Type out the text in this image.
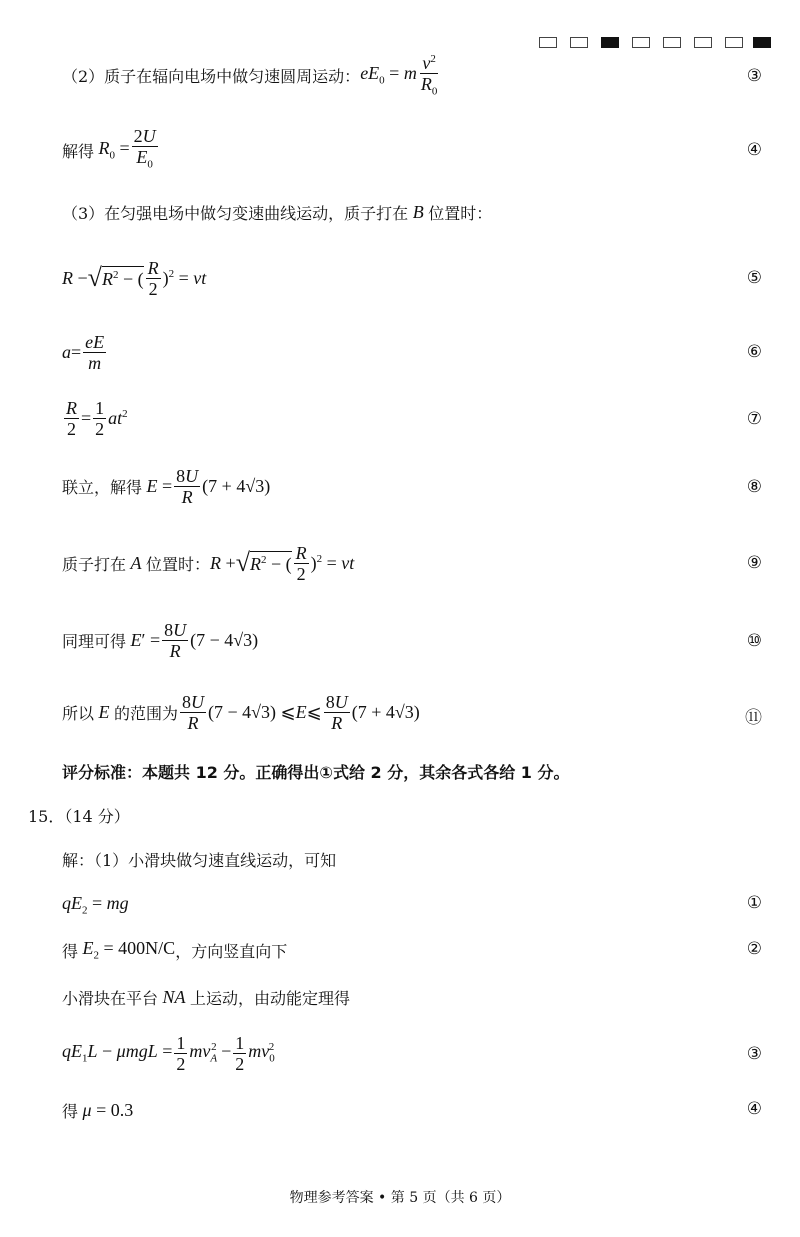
（2）质子在辐向电场中做匀速圆周运动： $eE_0 = m \frac{v^2}{R_0}$	③
解得 $R_0 = \frac{2U}{E_0}$	④
（3）在匀强电场中做匀变速曲线运动，质子打在 B 位置时：
R − √ $R^2$ − ( $\frac{R}{2} )^2$ = vt	⑤
$a = \frac{eE}{m}$	⑥
$\frac{R}{2} = \frac{1}{2} at^2$	⑦
联立，解得 $E = \frac{8U}{R} (7 + 4√3)$	⑧
质子打在 A 位置时： R + √ $R^2$ − ( $\frac{R}{2} )^2$ = vt	⑨
同理可得 $E' = \frac{8U}{R} (7 - 4√3)$	⑩
所以 E 的范围为 $\frac{8U}{R} (7 - 4√3)$ ⩽E⩽ $\frac{8U}{R} (7 + 4√3)$	⑪
评分标准：本题共 12 分。正确得出①式给 2 分，其余各式各给 1 分。
15．（14 分）
解：（1）小滑块做匀速直线运动，可知
$qE_2$ = mg	①
得 $E_2 = 400N/C$ ，方向竖直向下	②
小滑块在平台 NA 上运动，由动能定理得
$qE_1L - \mu mgL = \frac{1}{2} mv_A^2 - \frac{1}{2} mv_0^2$	③
得 μ = 0.3	④
物理参考答案 • 第 5 页（共 6 页）
